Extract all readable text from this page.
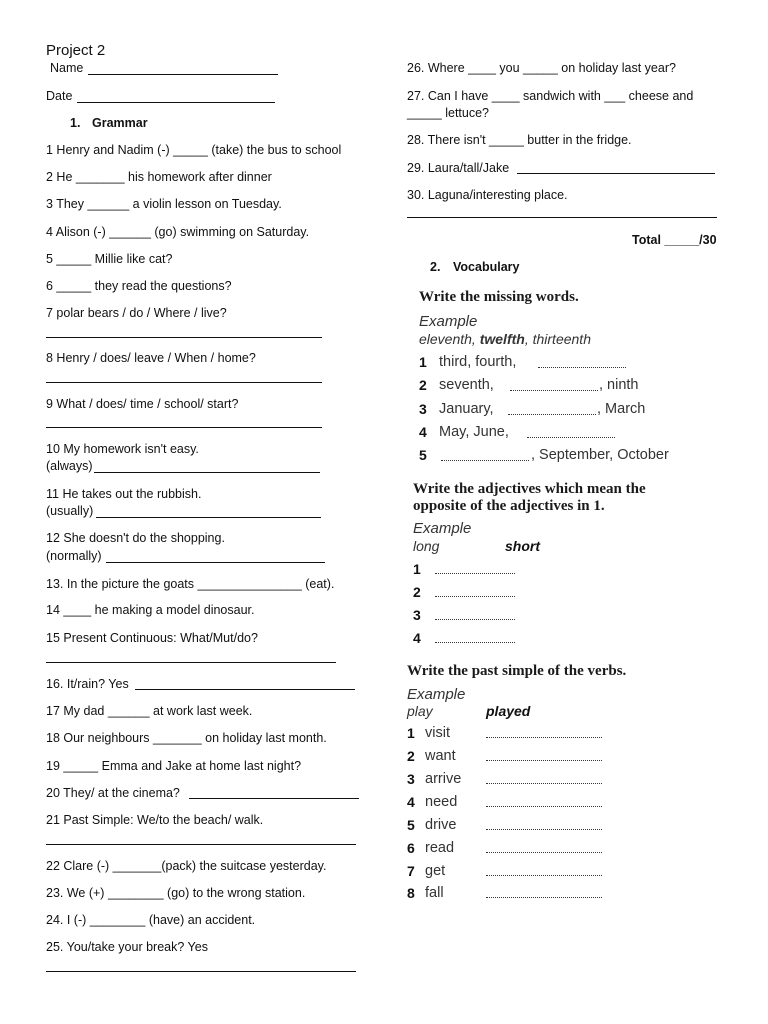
Project 2
Name
Date
1. Grammar
1 Henry and Nadim (-) _____ (take) the bus to school
2 He _______ his homework after dinner
3 They ______ a violin lesson on Tuesday.
4 Alison (-) ______ (go) swimming on Saturday.
5 _____ Millie like cat?
6 _____ they read the questions?
7 polar bears / do / Where / live?
8 Henry / does/ leave / When / home?
9 What / does/ time / school/ start?
10 My homework isn't easy.
(always)
11 He takes out the rubbish.
(usually)
12 She doesn't do the shopping.
(normally)
13. In the picture the goats _______________ (eat).
14 ____ he making a model dinosaur.
15 Present Continuous: What/Mut/do?
16. It/rain? Yes
17 My dad ______ at work last week.
18 Our neighbours _______ on holiday last month.
19 _____ Emma and Jake at home last night?
20 They/ at the cinema?
21 Past Simple: We/to the beach/ walk.
22 Clare (-) _______(pack) the suitcase yesterday.
23. We (+) ________ (go) to the wrong station.
24. I (-) ________ (have) an accident.
25. You/take your break? Yes
26. Where ____ you _____ on holiday last year?
27. Can I have ____ sandwich with ___ cheese and
_____ lettuce?
28. There isn't _____ butter in the fridge.
29. Laura/tall/Jake
30. Laguna/interesting place.
Total _____/30
2. Vocabulary
Write the missing words.
Example
eleventh, twelfth, thirteenth
1 third, fourth,
2 seventh,	, ninth
3 January,	, March
4 May, June,
5	, September, October
Write the adjectives which mean the
opposite of the adjectives in 1.
Example
long	short
1
2
3
4
Write the past simple of the verbs.
Example
play	played
1 visit
2 want
3 arrive
4 need
5 drive
6 read
7 get
8 fall
